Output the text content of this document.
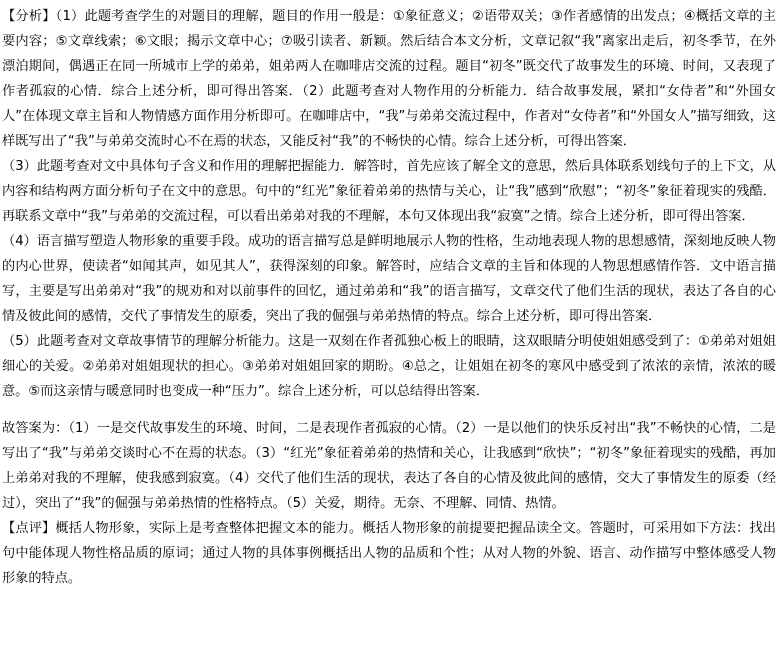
【分析】（1）此题考查学生的对题目的理解，题目的作用一般是：①象征意义；②语带双关；③作者感情的出发点；④概括文章的主要内容；⑤文章线索；⑥文眼；揭示文章中心；⑦吸引读者、新颖。然后结合本文分析，文章记叙“我”离家出走后，初冬季节，在外漂泊期间，偶遇正在同一所城市上学的弟弟，姐弟两人在咖啡店交流的过程。题目“初冬”既交代了故事发生的环境、时间，又表现了作者孤寂的心情．综合上述分析，即可得出答案．（2）此题考查对人物作用的分析能力．结合故事发展，紧扣“女侍者”和“外国女人”在体现文章主旨和人物情感方面作用分析即可。在咖啡店中，“我”与弟弟交流过程中，作者对“女侍者”和“外国女人”描写细致，这样既写出了“我”与弟弟交流时心不在焉的状态，又能反衬“我”的不畅快的心情。综合上述分析，可得出答案．

（3）此题考查对文中具体句子含义和作用的理解把握能力．解答时，首先应该了解全文的意思，然后具体联系划线句子的上下文，从内容和结构两方面分析句子在文中的意思。句中的“红光”象征着弟弟的热情与关心，让“我”感到“欣慰”；“初冬”象征着现实的残酷．再联系文章中“我”与弟弟的交流过程，可以看出弟弟对我的不理解，本句又体现出我“寂寞”之情。综合上述分析，即可得出答案．

（4）语言描写塑造人物形象的重要手段。成功的语言描写总是鲜明地展示人物的性格，生动地表现人物的思想感情，深刻地反映人物的内心世界，使读者“如闻其声，如见其人”，获得深刻的印象。解答时，应结合文章的主旨和体现的人物思想感情作答．文中语言描写，主要是写出弟弟对“我”的规劝和对以前事件的回忆，通过弟弟和“我”的语言描写，文章交代了他们生活的现状，表达了各自的心情及彼此间的感情，交代了事情发生的原委，突出了我的倔强与弟弟热情的特点。综合上述分析，即可得出答案．

（5）此题考查对文章故事情节的理解分析能力。这是一双刻在作者孤独心板上的眼睛，这双眼睛分明使姐姐感受到了：①弟弟对姐姐细心的关爱。②弟弟对姐姐现状的担心。③弟弟对姐姐回家的期盼。④总之，让姐姐在初冬的寒风中感受到了浓浓的亲情，浓浓的暖意。⑤而这亲情与暖意同时也变成一种“压力”。综合上述分析，可以总结得出答案．

故答案为：（1）一是交代故事发生的环境、时间，二是表现作者孤寂的心情。（2）一是以他们的快乐反衬出“我”不畅快的心情，二是写出了“我”与弟弟交谈时心不在焉的状态。（3）“红光”象征着弟弟的热情和关心，让我感到“欣快”；“初冬”象征着现实的残酷，再加上弟弟对我的不理解，使我感到寂寞。（4）交代了他们生活的现状，表达了各自的心情及彼此间的感情，交大了事情发生的原委（经过），突出了“我”的倔强与弟弟热情的性格特点。（5）关爱，期待。无奈、不理解、同情、热情。

【点评】概括人物形象，实际上是考查整体把握文本的能力。概括人物形象的前提要把握品读全文。答题时，可采用如下方法：找出句中能体现人物性格品质的原词；通过人物的具体事例概括出人物的品质和个性；从对人物的外貌、语言、动作描写中整体感受人物形象的特点。
